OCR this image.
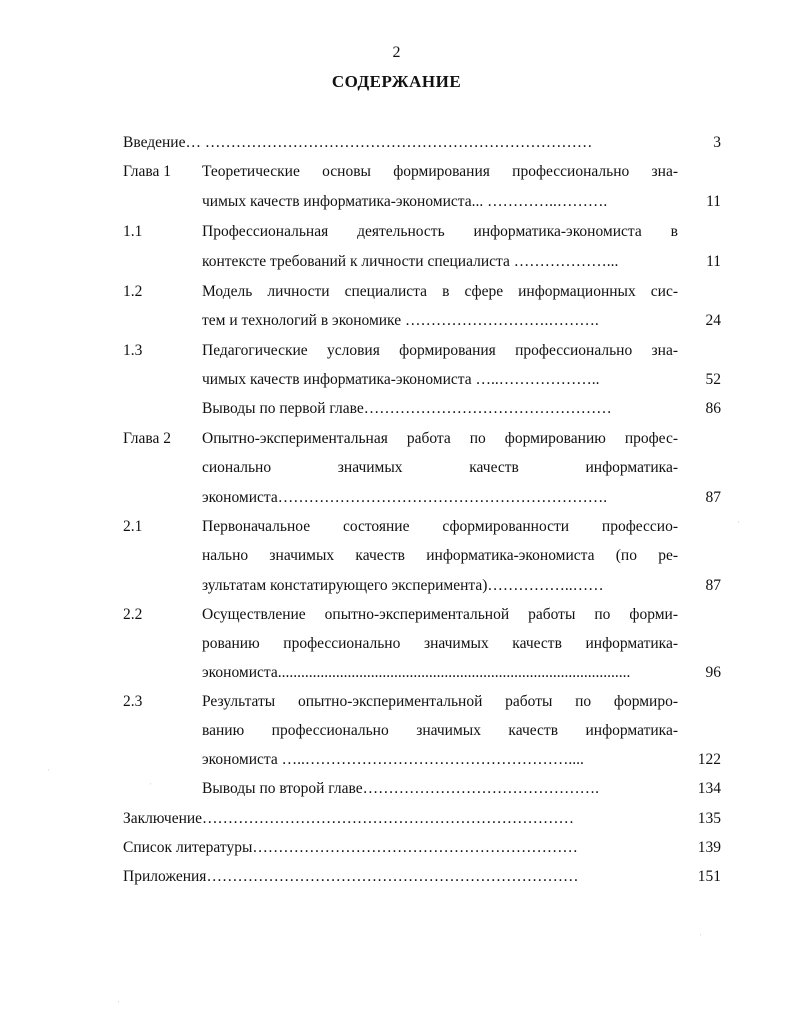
2
СОДЕРЖАНИЕ
Введение… …………………………………………………………………	3
Глава 1 Теоретические основы формирования профессионально зна-
чимых качеств информатика-экономиста... …………..……….	11
1.1	Профессиональная деятельность информатика-экономиста в
контексте требований к личности специалиста ………………...	11
1.2	Модель личности специалиста в сфере информационных сис-
тем и технологий в экономике ……………………….……….	24
1.3	Педагогические условия формирования профессионально зна-
чимых качеств информатика-экономиста …..………………..	52
Выводы по первой главе…………………………………………	86
Глава 2 Опытно-экспериментальная работа по формированию профес-
сионально значимых качеств информатика-
экономиста……………………………………………………….	87
2.1	Первоначальное состояние сформированности профессио-
нально значимых качеств информатика-экономиста (по ре-
зультатам констатирующего эксперимента)……………..……	87
2.2	Осуществление опытно-экспериментальной работы по форми-
рованию профессионально значимых качеств информатика-
экономиста...........................................................................................	96
2.3	Результаты опытно-экспериментальной работы по формиро-
ванию профессионально значимых качеств информатика-
экономиста …..……………………………………………....	122
Выводы по второй главе……………………………………….	134
Заключение………………………………………………………………	135
Список литературы………………………………………………………	139
Приложения………………………………………………………………	151
•
•
•
•
•
